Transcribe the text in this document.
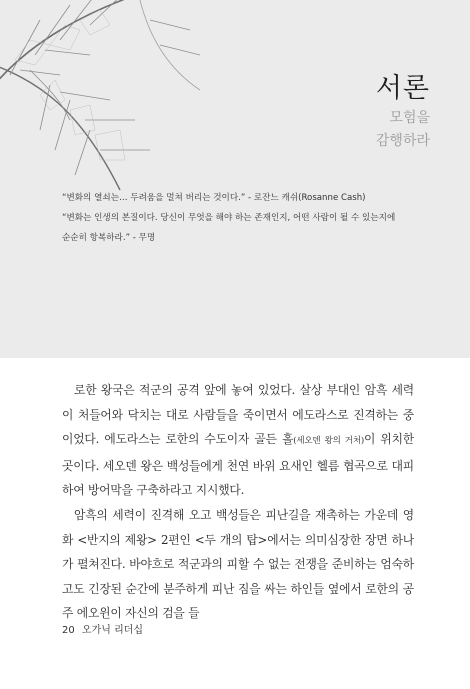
서론
모험을
감행하라

“변화의 열쇠는… 두려움을 멀쳐 버리는 것이다.” - 로잔느 캐쉬(Rosanne Cash)

“변화는 인생의 본질이다. 당신이 무엇을 해야 하는 존재인지, 어떤 사람이 될 수 있는지에

순순히 항복하라.” - 무명

로한 왕국은 적군의 공격 앞에 놓여 있었다. 살상 부대인 암흑 세력이 처들어와 닥치는 대로 사람들을 죽이면서 에도라스로 진격하는 중이었다. 에도라스는 로한의 수도이자 골든 홀(세오덴 왕의 거처)이 위치한 곳이다. 세오덴 왕은 백성들에게 천연 바위 요새인 헬름 협곡으로 대피하여 방어막을 구축하라고 지시했다.

암흑의 세력이 진격해 오고 백성들은 피난길을 재촉하는 가운데 영화 <반지의 제왕> 2편인 <두 개의 탑>에서는 의미심장한 장면 하나가 펼쳐진다. 바야흐로 적군과의 피할 수 없는 전쟁을 준비하는 엄숙하고도 긴장된 순간에 분주하게 피난 짐을 싸는 하인들 옆에서 로한의 공주 에오윈이 자신의 검을 들

20 오가닉 리더십
